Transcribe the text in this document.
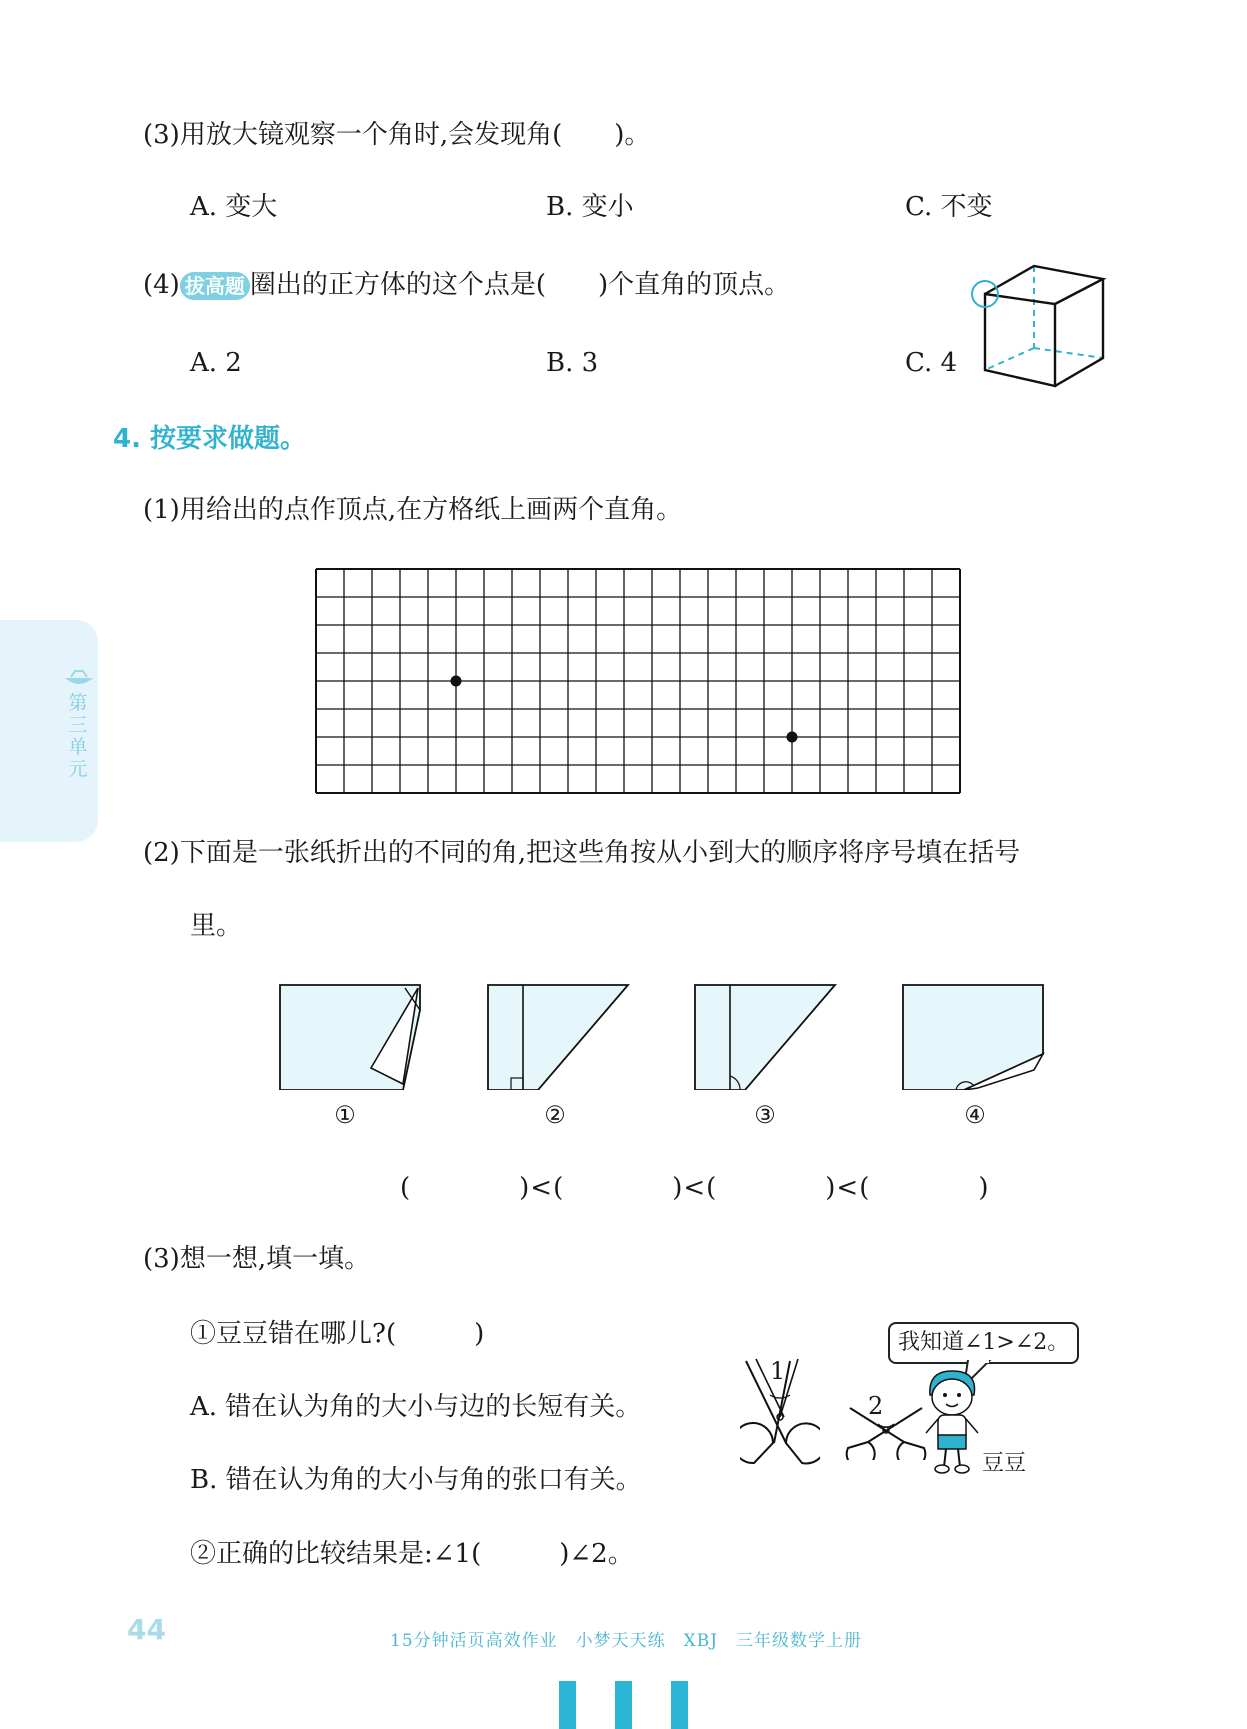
第三单元
(3)用放大镜观察一个角时,会发现角(　　)。
A. 变大	B. 变小	C. 不变
(4) 拔高题 圈出的正方体的这个点是(　　)个直角的顶点。
A. 2	B. 3	C. 4
4. 按要求做题。
(1)用给出的点作顶点,在方格纸上画两个直角。
(2)下面是一张纸折出的不同的角,把这些角按从小到大的顺序将序号填在括号
里。
①	②	③	④
(　　　　)<(　　　　)<(　　　　)<(　　　　)
(3)想一想,填一填。
①豆豆错在哪儿?(　　　)
A. 错在认为角的大小与边的长短有关。
B. 错在认为角的大小与角的张口有关。
②正确的比较结果是:∠1(　　　)∠2。
1
2
我知道∠1>∠2。
豆豆
44	15分钟活页高效作业　小梦天天练　XBJ　三年级数学上册
